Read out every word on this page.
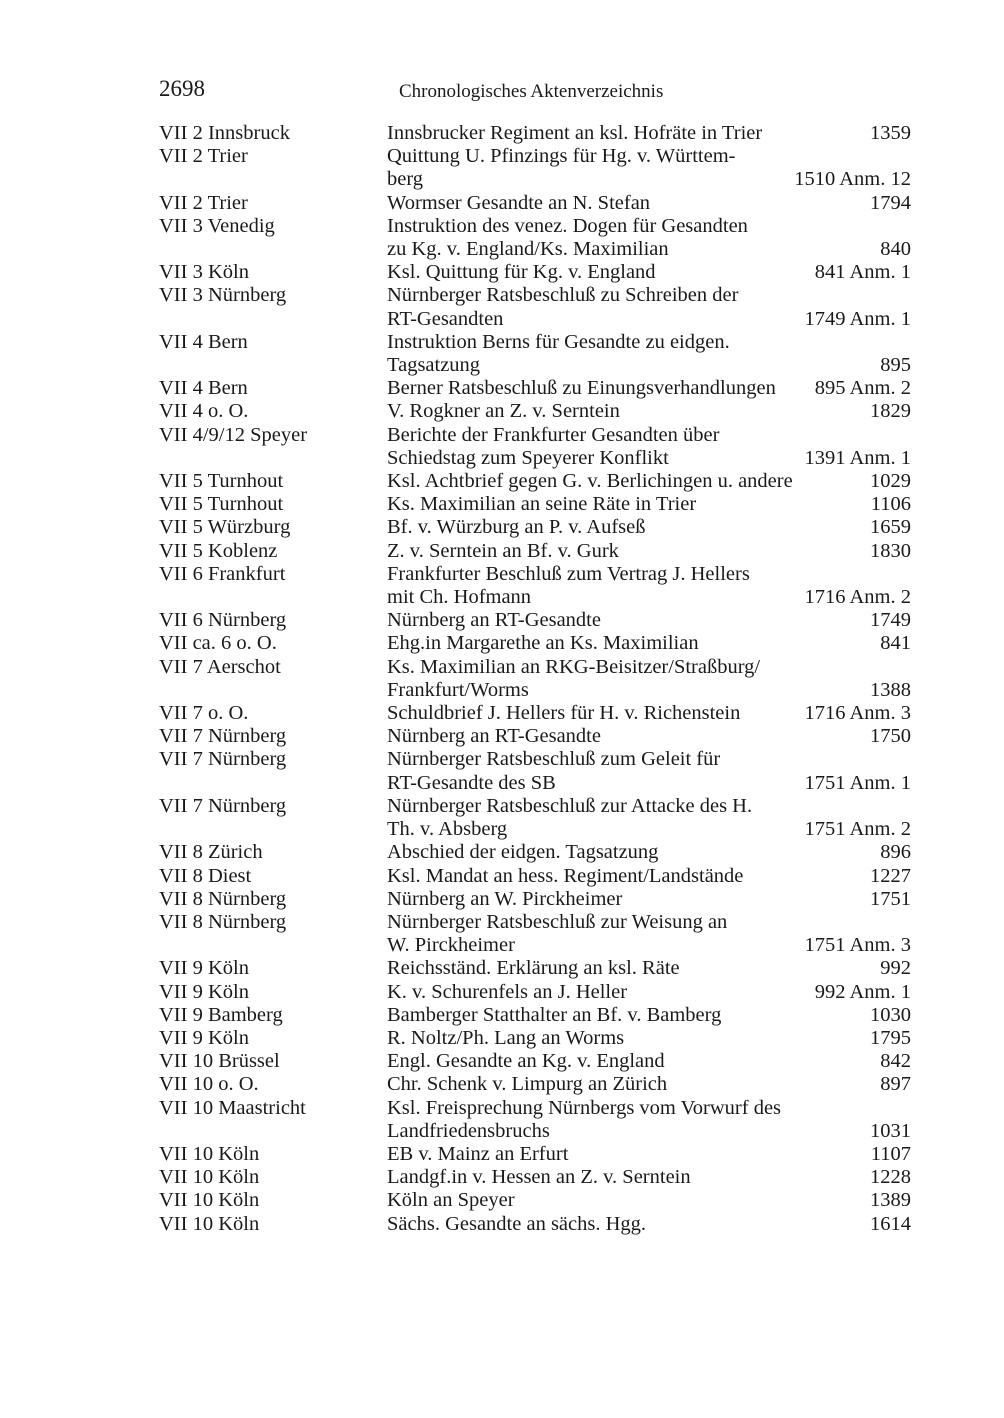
2698	Chronologisches Aktenverzeichnis
VII 2 Innsbruck	Innsbrucker Regiment an ksl. Hofräte in Trier	1359
VII 2 Trier	Quittung U. Pfinzings für Hg. v. Württem-
berg	1510 Anm. 12
VII 2 Trier	Wormser Gesandte an N. Stefan	1794
VII 3 Venedig	Instruktion des venez. Dogen für Gesandten
zu Kg. v. England/Ks. Maximilian	840
VII 3 Köln	Ksl. Quittung für Kg. v. England	841 Anm. 1
VII 3 Nürnberg	Nürnberger Ratsbeschluß zu Schreiben der
RT-Gesandten	1749 Anm. 1
VII 4 Bern	Instruktion Berns für Gesandte zu eidgen.
Tagsatzung	895
VII 4 Bern	Berner Ratsbeschluß zu Einungsverhandlungen	895 Anm. 2
VII 4 o. O.	V. Rogkner an Z. v. Serntein	1829
VII 4/9/12 Speyer	Berichte der Frankfurter Gesandten über
Schiedstag zum Speyerer Konflikt	1391 Anm. 1
VII 5 Turnhout	Ksl. Achtbrief gegen G. v. Berlichingen u. andere	1029
VII 5 Turnhout	Ks. Maximilian an seine Räte in Trier	1106
VII 5 Würzburg	Bf. v. Würzburg an P. v. Aufseß	1659
VII 5 Koblenz	Z. v. Serntein an Bf. v. Gurk	1830
VII 6 Frankfurt	Frankfurter Beschluß zum Vertrag J. Hellers
mit Ch. Hofmann	1716 Anm. 2
VII 6 Nürnberg	Nürnberg an RT-Gesandte	1749
VII ca. 6 o. O.	Ehg.in Margarethe an Ks. Maximilian	841
VII 7 Aerschot	Ks. Maximilian an RKG-Beisitzer/Straßburg/
Frankfurt/Worms	1388
VII 7 o. O.	Schuldbrief J. Hellers für H. v. Richenstein	1716 Anm. 3
VII 7 Nürnberg	Nürnberg an RT-Gesandte	1750
VII 7 Nürnberg	Nürnberger Ratsbeschluß zum Geleit für
RT-Gesandte des SB	1751 Anm. 1
VII 7 Nürnberg	Nürnberger Ratsbeschluß zur Attacke des H.
Th. v. Absberg	1751 Anm. 2
VII 8 Zürich	Abschied der eidgen. Tagsatzung	896
VII 8 Diest	Ksl. Mandat an hess. Regiment/Landstände	1227
VII 8 Nürnberg	Nürnberg an W. Pirckheimer	1751
VII 8 Nürnberg	Nürnberger Ratsbeschluß zur Weisung an
W. Pirckheimer	1751 Anm. 3
VII 9 Köln	Reichsständ. Erklärung an ksl. Räte	992
VII 9 Köln	K. v. Schurenfels an J. Heller	992 Anm. 1
VII 9 Bamberg	Bamberger Statthalter an Bf. v. Bamberg	1030
VII 9 Köln	R. Noltz/Ph. Lang an Worms	1795
VII 10 Brüssel	Engl. Gesandte an Kg. v. England	842
VII 10 o. O.	Chr. Schenk v. Limpurg an Zürich	897
VII 10 Maastricht	Ksl. Freisprechung Nürnbergs vom Vorwurf des
Landfriedensbruchs	1031
VII 10 Köln	EB v. Mainz an Erfurt	1107
VII 10 Köln	Landgf.in v. Hessen an Z. v. Serntein	1228
VII 10 Köln	Köln an Speyer	1389
VII 10 Köln	Sächs. Gesandte an sächs. Hgg.	1614
